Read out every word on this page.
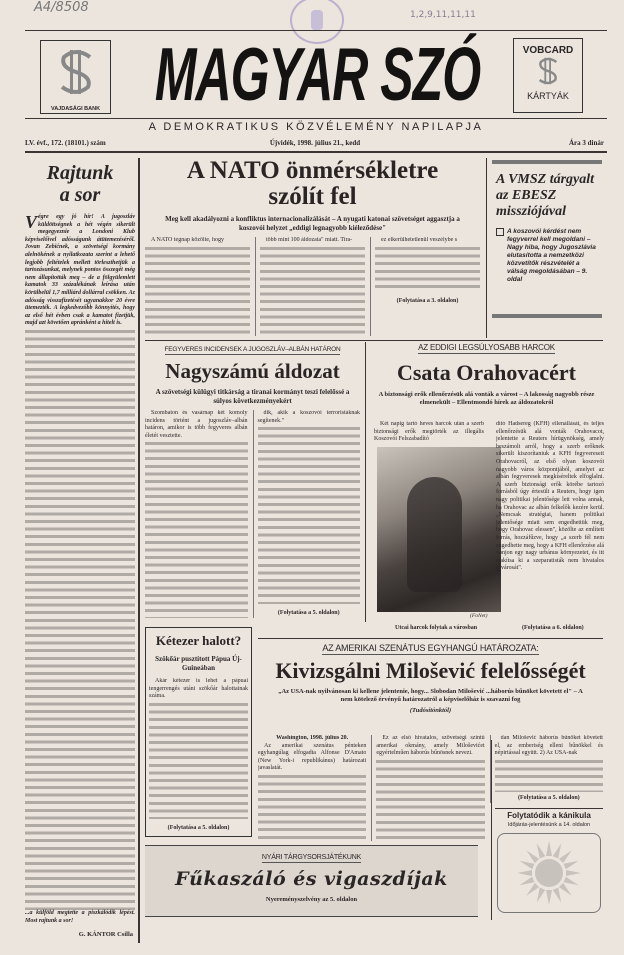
A4/8508	1,2,9,11,11,11
VAJDASÁGI BANK MAGYAR SZÓ	VOBCARD
KÁRTYÁK
A DEMOKRATIKUS KÖZVÉLEMÉNY NAPILAPJA
LV. évf., 172. (18101.) szám	Újvidék, 1998. július 21., kedd	Ára 3 dinár
Rajtunk
a sor
Végre egy jó hír! A jugoszláv küldöttségnek a hét végén sikerült megegyeznie a Londoni Klub képviselőivel adósságunk átütemezéséről. Jovan Zebićnek, a szövetségi kormány alelnökének a nyilatkozata szerint a lehető legjobb feltételek mellett törleszthetjük a tartozásunkat, melynek pontos összegét még nem állapították meg – de a fölgyülemlett kamatok 33 százalékának leírása után körülbelül 1,7 milliárd dollárral csökken. Az adósság visszafizetését ugyanakkor 20 évre ütemezték. A legkedvezőbb könnyítés, hogy az első hét évben csak a kamatot fizetjük, majd azt követően apránként a hitelt is.
...a külföld megtette a piszkálódik lépést. Most rajtunk a sor!
G. KÁNTOR Csilla
A NATO önmérsékletre szólít fel
Meg kell akadályozni a konfliktus internacionalizálását – A nyugati katonai szövetséget aggasztja a koszovói helyzet „eddigi legnagyobb kiéleződése"

A NATO tegnap közölte, hogy	több mint 100 áldozata" miatt. Tira-	ez elkerülhetetlenül veszélybe s

(Folytatása a 3. oldalon)
A VMSZ tárgyalt az EBESZ missziójával
A koszovói kérdést nem fegyverrel kell megoldani – Nagy hiba, hogy Jugoszlávia elutasította a nemzetközi közvetítők részvételét a válság megoldásában – 9. oldal
FEGYVERES INCIDENSEK A JUGOSZLÁV–ALBÁN HATÁRON
Nagyszámú áldozat
A szövetségi külügyi titkárság a tiranai kormányt teszi felelőssé a súlyos következményekért

Szombaton és vasárnap két komoly incidens történt a jugoszláv–albán határon, amikor is több fegyveres albán életét vesztette.

dik, akik a koszovói terroristáknak segítenek."

(Folytatása a 5. oldalon)
AZ EDDIGI LEGSÚLYOSABB HARCOK
Csata Orahovacért
A biztonsági erők ellenőrzésük alá vonták a várost – A lakosság nagyobb része elmenekült – Ellentmondó hírek az áldozatokról

Két napig tartó heves harcok után a szerb biztonsági erők megtörték az illegális Koszovói Felszabadító

(FoNet)
dító Hadsereg (KFH) ellenállását, és teljes ellenőrzésük alá vonták Orahovacot, jelentette a Reuters hírügynökség, amely beszámolt arról, hogy a szerb erőknek sikerült kiszorítaniuk a KFH fegyvereseit Orahovacról, az első olyan koszovói nagyobb város központjából, amelyet az albán fegyveresek megkíséreltek elfoglalni. A szerb biztonsági erők körébe tartozó forrásból úgy értesült a Reuters, hogy igen nagy politikai jelentősége lett volna annak, ha Orahovac az albán felkelők kezére kerül. „Nemcsak stratégiai, hanem politikai jelentősége miatt sem engedhettük meg, hogy Orahovac elessen", közölte az említett forrás, hozzáfűzve, hogy „a szerb fél nem engedhette meg, hogy a KFH ellenőrzése alá vonjon egy nagy urbánus környezetet, és itt alakítsa ki a szeparatisták nem hivatalos fővárosát".
Utcai harcok folytak a városban	(Folytatása a 6. oldalon)
Kétezer halott?
Szökőár pusztított Pápua Új-Guineában

Akár kétezer is lehet a pápuai tengerrengés utáni szökőár halottainak száma.

(Folytatása a 5. oldalon)
AZ AMERIKAI SZENÁTUS EGYHANGÚ HATÁROZATA:
Kivizsgálni Milošević felelősségét
„Az USA-nak nyilvánosan ki kellene jelentenie, hogy... Slobodan Milošević ...háborús bűnöket követett el" – A nem kötelező érvényű határozatról a képviselőház is szavazni fog
(Tudósítónktól)
Washington, 1998. július 20.

Az amerikai szenátus pénteken egyhangúlag elfogadta Alfonse D'Amato (New York-i republikánus) határozati javaslatát.

Ez az első hivatalos, szövetségi szintű amerikai okmány, amely Miloševićet egyértelműen háborús bűnösnek nevezi.

dan Milošević háborús bűnöket követett el, az emberiség elleni bűnökkel és népirtással együtt. 2) Az USA-nak

(Folytatása a 5. oldalon)
Folytatódik a kánikula
Időjárás-jelentésünk a 14. oldalon
NYÁRI TÁRGYSORSJÁTÉKUNK
Fűkaszáló és vigaszdíjak
Nyereményszelvény az 5. oldalon
